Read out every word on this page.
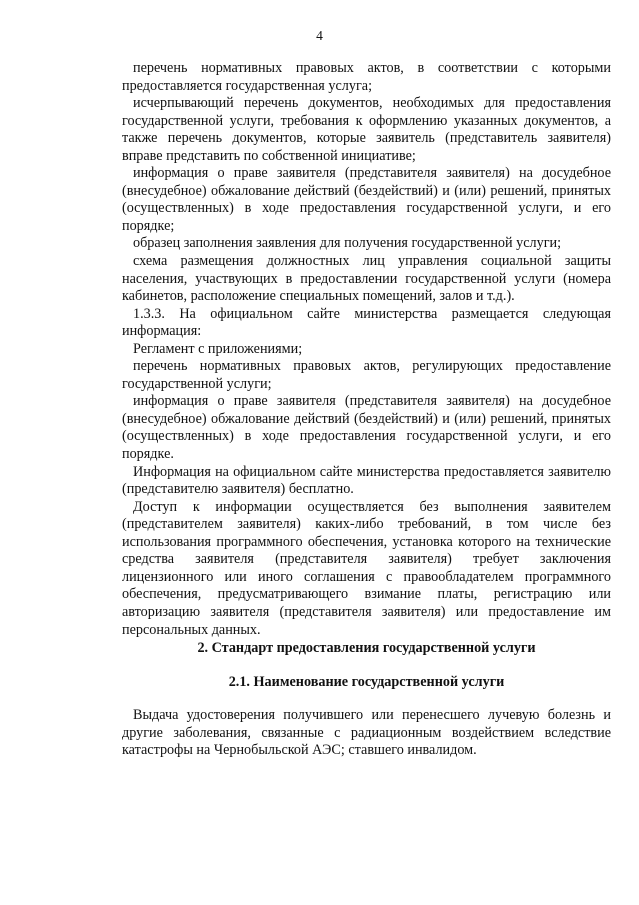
4

перечень нормативных правовых актов, в соответствии с которыми предоставляется государственная услуга;

исчерпывающий перечень документов, необходимых для предоставления государственной услуги, требования к оформлению указанных документов, а также перечень документов, которые заявитель (представитель заявителя) вправе представить по собственной инициативе;

информация о праве заявителя (представителя заявителя) на досудебное (внесудебное) обжалование действий (бездействий) и (или) решений, принятых (осуществленных) в ходе предоставления государственной услуги, и его порядке;

образец заполнения заявления для получения государственной услуги;

схема размещения должностных лиц управления социальной защиты населения, участвующих в предоставлении государственной услуги (номера кабинетов, расположение специальных помещений, залов и т.д.).

1.3.3. На официальном сайте министерства размещается следующая информация:

Регламент с приложениями;

перечень нормативных правовых актов, регулирующих предоставление государственной услуги;

информация о праве заявителя (представителя заявителя) на досудебное (внесудебное) обжалование действий (бездействий) и (или) решений, принятых (осуществленных) в ходе предоставления государственной услуги, и его порядке.

Информация на официальном сайте министерства предоставляется заявителю (представителю заявителя) бесплатно.

Доступ к информации осуществляется без выполнения заявителем (представителем заявителя) каких-либо требований, в том числе без использования программного обеспечения, установка которого на технические средства заявителя (представителя заявителя) требует заключения лицензионного или иного соглашения с правообладателем программного обеспечения, предусматривающего взимание платы, регистрацию или авторизацию заявителя (представителя заявителя) или предоставление им персональных данных.

2. Стандарт предоставления государственной услуги
2.1. Наименование государственной услуги

Выдача удостоверения получившего или перенесшего лучевую болезнь и другие заболевания, связанные с радиационным воздействием вследствие катастрофы на Чернобыльской АЭС; ставшего инвалидом.
